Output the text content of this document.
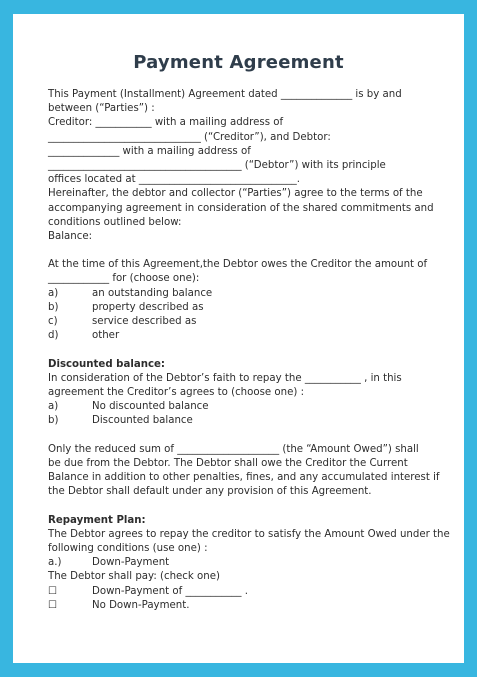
Payment Agreement
This Payment (Installment) Agreement dated ______________ is by and
between (“Parties”) :
Creditor: ___________ with a mailing address of
______________________________ (“Creditor”), and Debtor:
______________ with a mailing address of
______________________________________ (“Debtor”) with its principle
offices located at _______________________________.
Hereinafter, the debtor and collector (“Parties”) agree to the terms of the
accompanying agreement in consideration of the shared commitments and
conditions outlined below:
Balance:
At the time of this Agreement,the Debtor owes the Creditor the amount of
____________ for (choose one):
a)	an outstanding balance
b)	property described as
c)	service described as
d)	other
Discounted balance:
In consideration of the Debtor’s faith to repay the ___________ , in this
agreement the Creditor’s agrees to (choose one) :
a)	No discounted balance
b)	Discounted balance
Only the reduced sum of ____________________ (the “Amount Owed”) shall
be due from the Debtor. The Debtor shall owe the Creditor the Current
Balance in addition to other penalties, fines, and any accumulated interest if
the Debtor shall default under any provision of this Agreement.
Repayment Plan:
The Debtor agrees to repay the creditor to satisfy the Amount Owed under the
following conditions (use one) :
a.)	Down-Payment
The Debtor shall pay: (check one)
☐	Down-Payment of ___________ .
☐	No Down-Payment.
